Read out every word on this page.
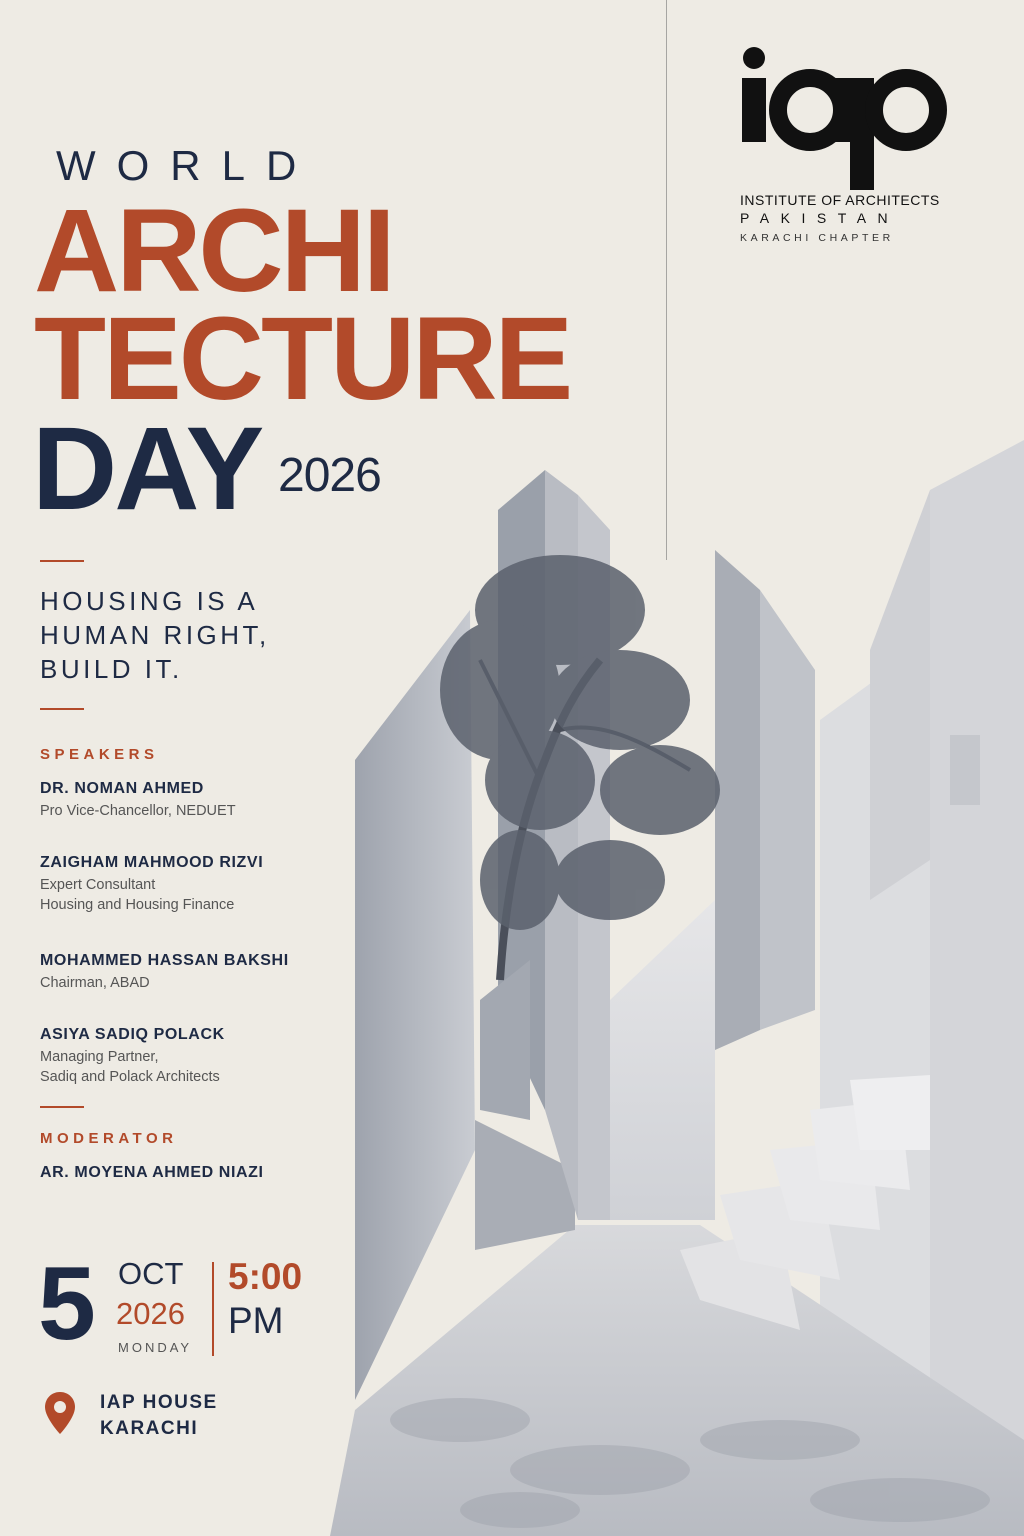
INSTITUTE OF ARCHITECTS
PAKISTAN
KARACHI CHAPTER
WORLD
ARCHI
TECTURE
DAY 2026
HOUSING IS A
HUMAN RIGHT,
BUILD IT.
SPEAKERS
DR. NOMAN AHMED
Pro Vice-Chancellor, NEDUET
ZAIGHAM MAHMOOD RIZVI
Expert Consultant
Housing and Housing Finance
MOHAMMED HASSAN BAKSHI
Chairman, ABAD
ASIYA SADIQ POLACK
Managing Partner,
Sadiq and Polack Architects
MODERATOR
AR. MOYENA AHMED NIAZI
5 OCT
2026
MONDAY
5:00
PM
IAP HOUSE
KARACHI
